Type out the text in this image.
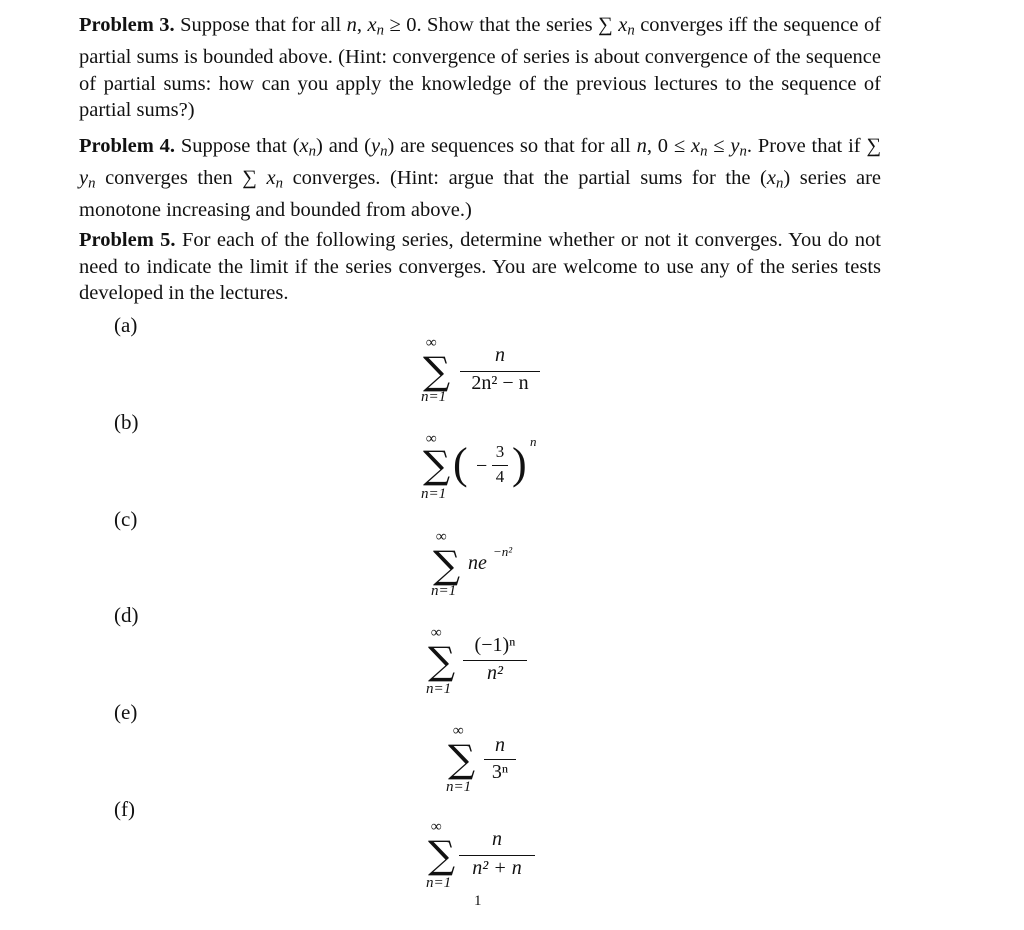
Problem 3. Suppose that for all n, $x_n \ge 0$. Show that the series ∑ $x_n$ converges iff the sequence of partial sums is bounded above. (Hint: convergence of series is about convergence of the sequence of partial sums: how can you apply the knowledge of the previous lectures to the sequence of partial sums?)
Problem 4. Suppose that $(x_n)$ and $(y_n)$ are sequences so that for all n, $0 \le x_n \le y_n$. Prove that if ∑ $y_n$ converges then ∑ $x_n$ converges. (Hint: argue that the partial sums for the $(x_n)$ series are monotone increasing and bounded from above.)
Problem 5. For each of the following series, determine whether or not it converges. You do not need to indicate the limit if the series converges. You are welcome to use any of the series tests developed in the lectures.
(a)
∞
∑
n=1
n
2n² − n
(b)
∞
∑
n=1
( −
3
4 ) n
(c)
∞
∑
n=1
ne
−n²
(d)
∞
∑
n=1
(−1)ⁿ
n²
(e)
∞
∑
n=1
n
3ⁿ
(f)
∞
∑
n=1
n
n² + n
1
